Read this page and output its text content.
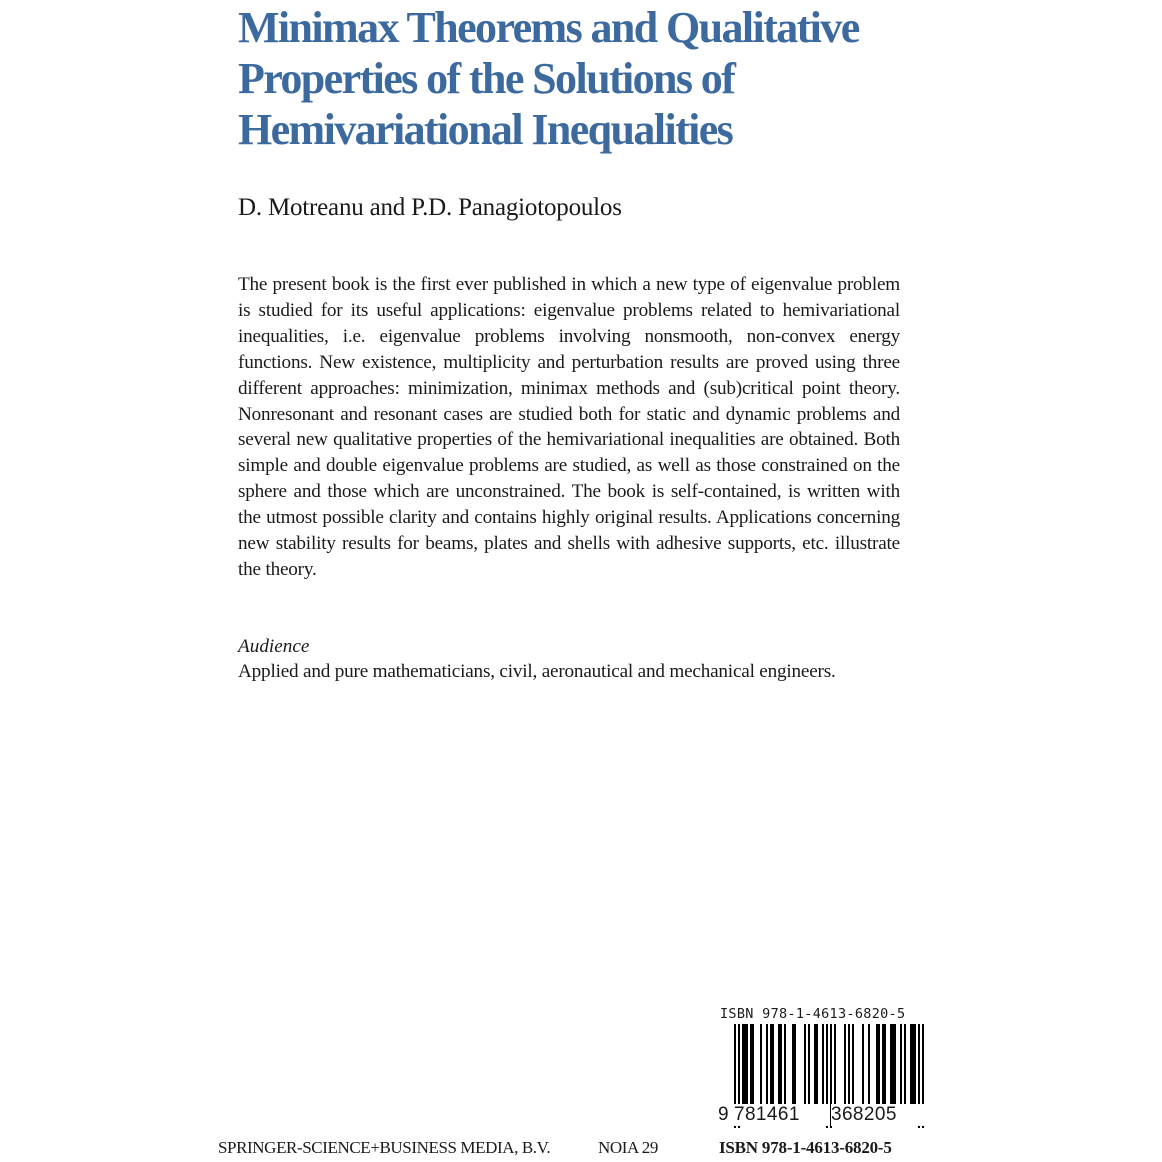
Minimax Theorems and Qualitative
Properties of the Solutions of
Hemivariational Inequalities
D. Motreanu and P.D. Panagiotopoulos

The present book is the first ever published in which a new type of eigenvalue problem is studied for its useful applications: eigenvalue problems related to hemivariational inequalities, i.e. eigenvalue problems involving nonsmooth, non-convex energy functions. New existence, multiplicity and perturbation results are proved using three different approaches: minimization, minimax methods and (sub)critical point theory. Nonresonant and resonant cases are studied both for static and dynamic problems and several new qualitative properties of the hemivariational inequalities are obtained. Both simple and double eigenvalue problems are studied, as well as those constrained on the sphere and those which are unconstrained. The book is self-contained, is written with the utmost possible clarity and contains highly original results. Applications concerning new stability results for beams, plates and shells with adhesive supports, etc. illustrate the theory.

Audience
Applied and pure mathematicians, civil, aeronautical and mechanical engineers.
ISBN 978-1-4613-6820-5
9 781461	368205
SPRINGER-SCIENCE+BUSINESS MEDIA, B.V.	NOIA 29	ISBN 978-1-4613-6820-5
